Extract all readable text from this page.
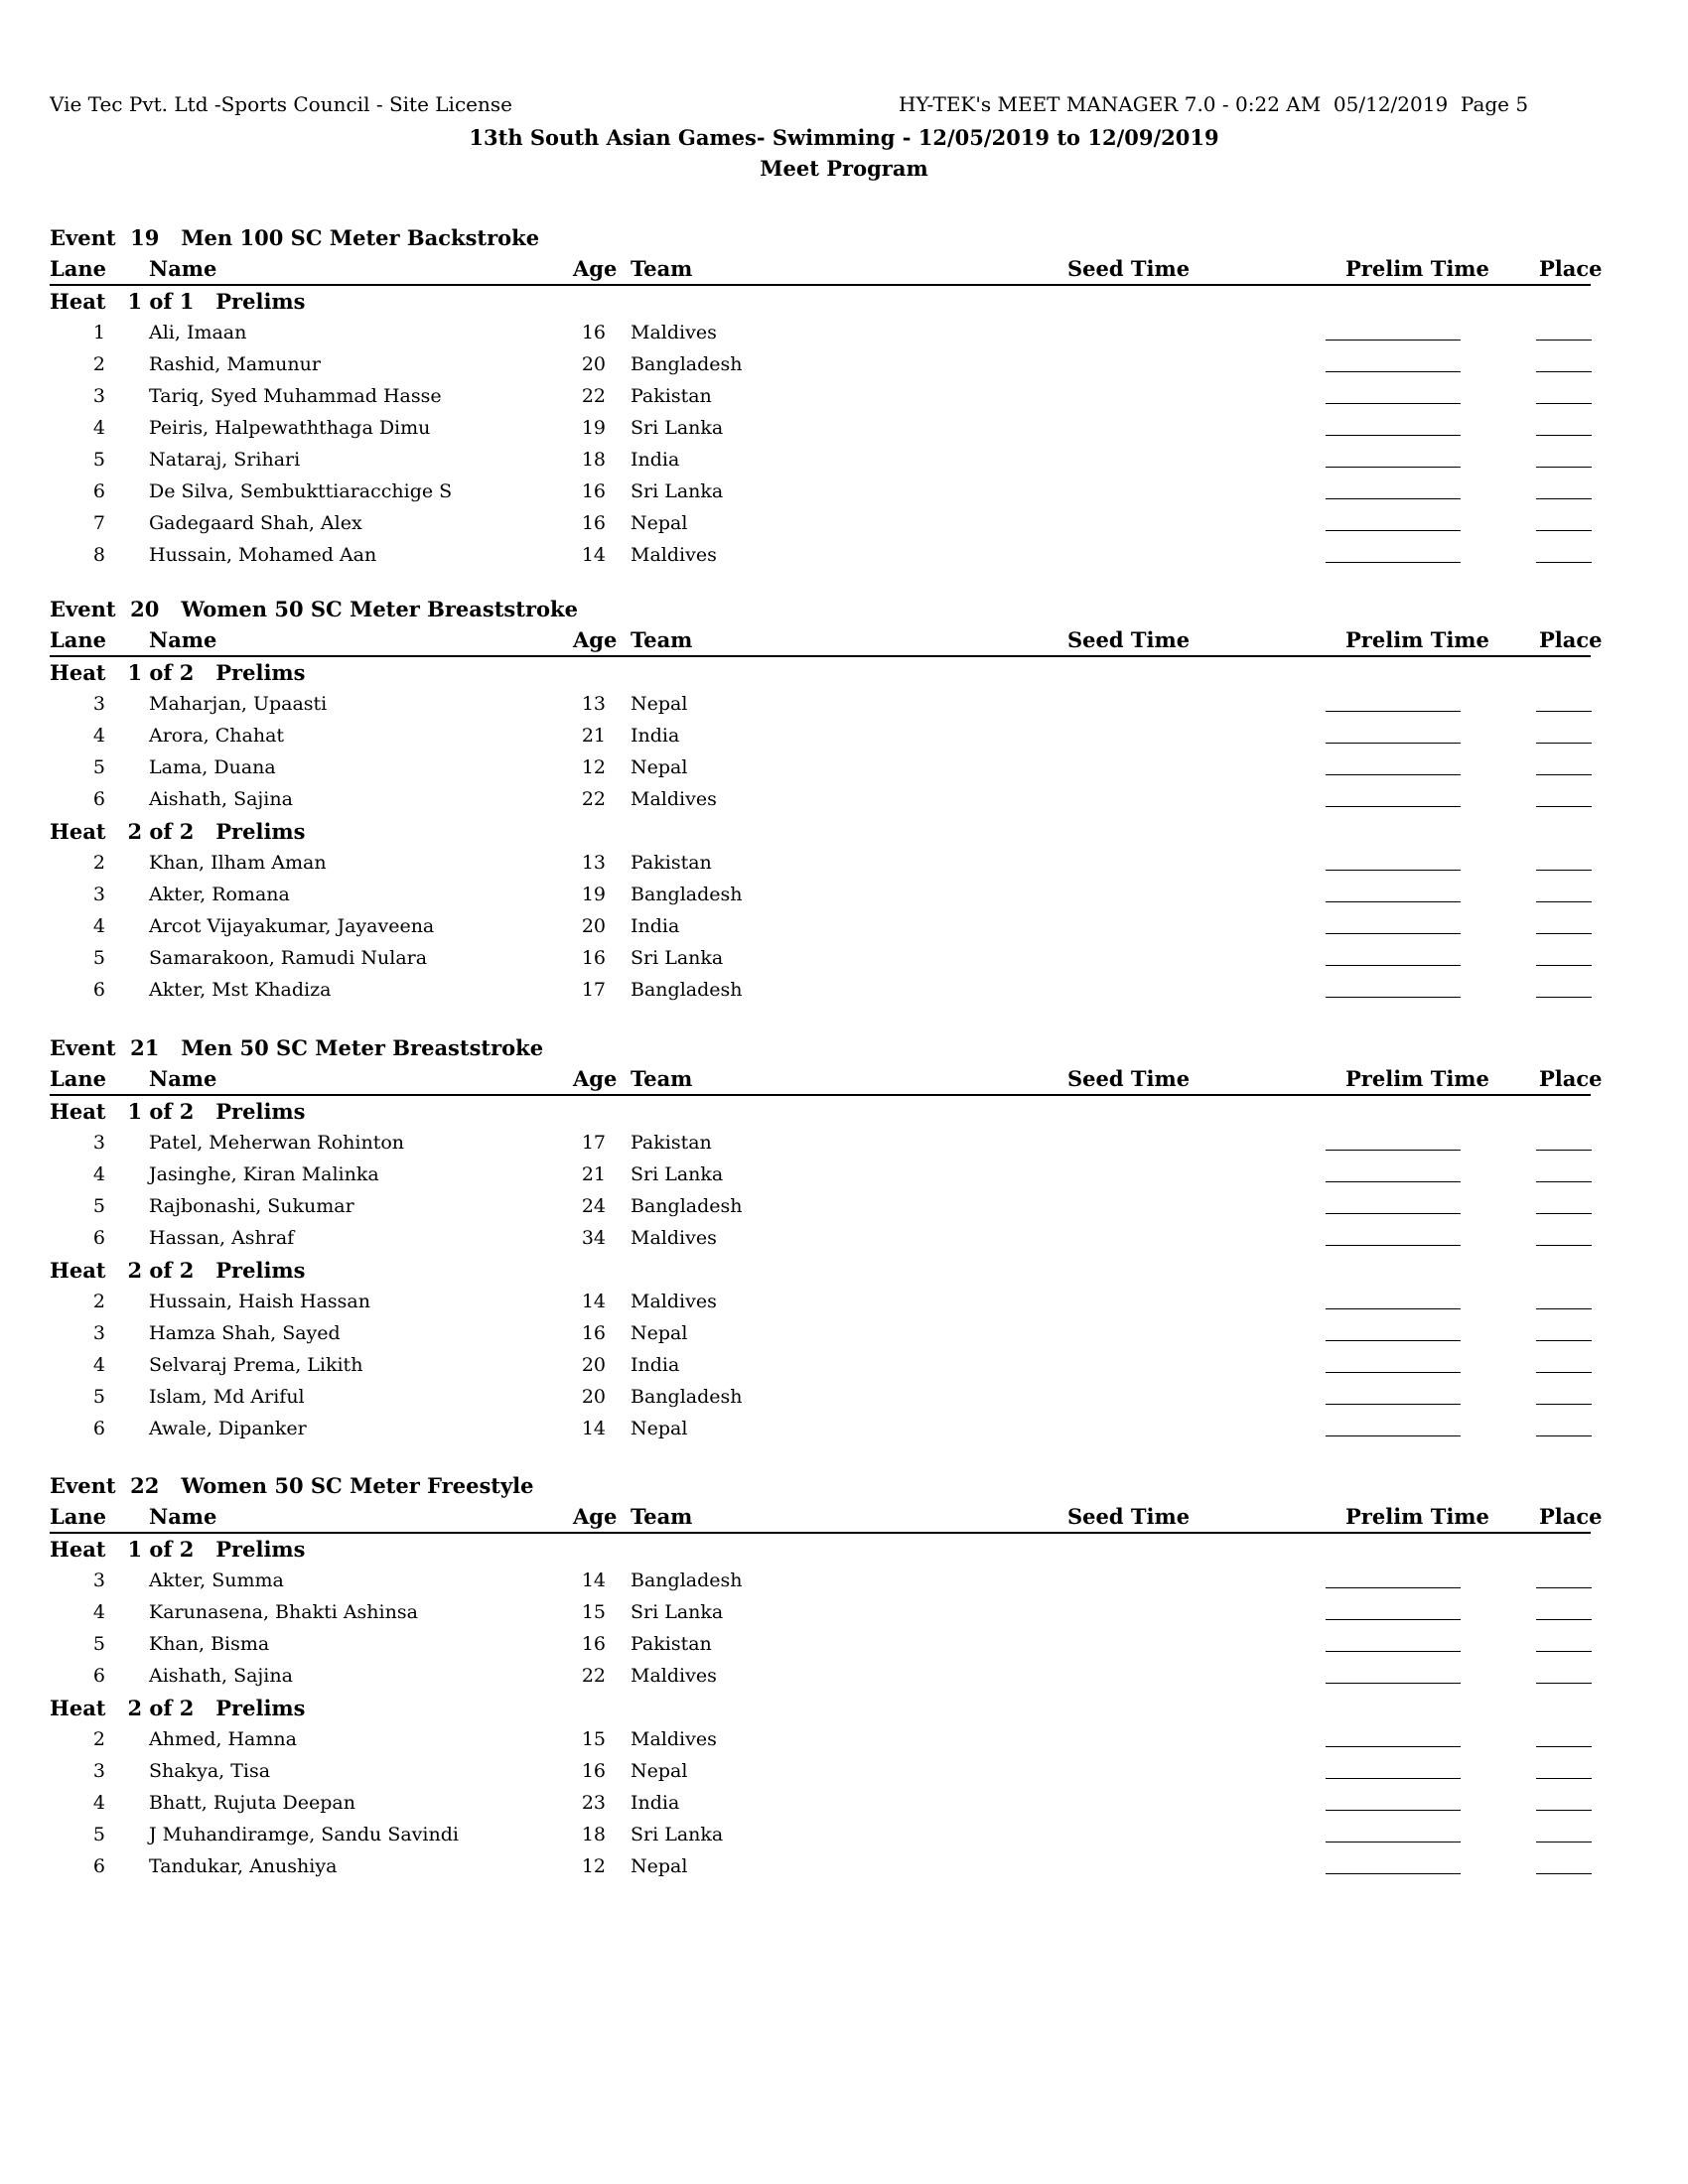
Vie Tec Pvt. Ltd -Sports Council - Site License	HY-TEK's MEET MANAGER 7.0 - 0:22 AM  05/12/2019  Page 5
13th South Asian Games- Swimming - 12/05/2019 to 12/09/2019
Meet Program
Event  19   Men 100 SC Meter Backstroke
Lane Name	Age Team	Seed Time	Prelim Time Place
Heat   1 of 1   Prelims
1 Ali, Imaan	16 Maldives
2 Rashid, Mamunur	20 Bangladesh
3 Tariq, Syed Muhammad Hasse	22 Pakistan
4 Peiris, Halpewaththaga Dimu	19 Sri Lanka
5 Nataraj, Srihari	18 India
6 De Silva, Sembukttiaracchige S	16 Sri Lanka
7 Gadegaard Shah, Alex	16 Nepal
8 Hussain, Mohamed Aan	14 Maldives
Event  20   Women 50 SC Meter Breaststroke
Lane Name	Age Team	Seed Time	Prelim Time Place
Heat   1 of 2   Prelims
3 Maharjan, Upaasti	13 Nepal
4 Arora, Chahat	21 India
5 Lama, Duana	12 Nepal
6 Aishath, Sajina	22 Maldives
Heat   2 of 2   Prelims
2 Khan, Ilham Aman	13 Pakistan
3 Akter, Romana	19 Bangladesh
4 Arcot Vijayakumar, Jayaveena	20 India
5 Samarakoon, Ramudi Nulara	16 Sri Lanka
6 Akter, Mst Khadiza	17 Bangladesh
Event  21   Men 50 SC Meter Breaststroke
Lane Name	Age Team	Seed Time	Prelim Time Place
Heat   1 of 2   Prelims
3 Patel, Meherwan Rohinton	17 Pakistan
4 Jasinghe, Kiran Malinka	21 Sri Lanka
5 Rajbonashi, Sukumar	24 Bangladesh
6 Hassan, Ashraf	34 Maldives
Heat   2 of 2   Prelims
2 Hussain, Haish Hassan	14 Maldives
3 Hamza Shah, Sayed	16 Nepal
4 Selvaraj Prema, Likith	20 India
5 Islam, Md Ariful	20 Bangladesh
6 Awale, Dipanker	14 Nepal
Event  22   Women 50 SC Meter Freestyle
Lane Name	Age Team	Seed Time	Prelim Time Place
Heat   1 of 2   Prelims
3 Akter, Summa	14 Bangladesh
4 Karunasena, Bhakti Ashinsa	15 Sri Lanka
5 Khan, Bisma	16 Pakistan
6 Aishath, Sajina	22 Maldives
Heat   2 of 2   Prelims
2 Ahmed, Hamna	15 Maldives
3 Shakya, Tisa	16 Nepal
4 Bhatt, Rujuta Deepan	23 India
5 J Muhandiramge, Sandu Savindi	18 Sri Lanka
6 Tandukar, Anushiya	12 Nepal
